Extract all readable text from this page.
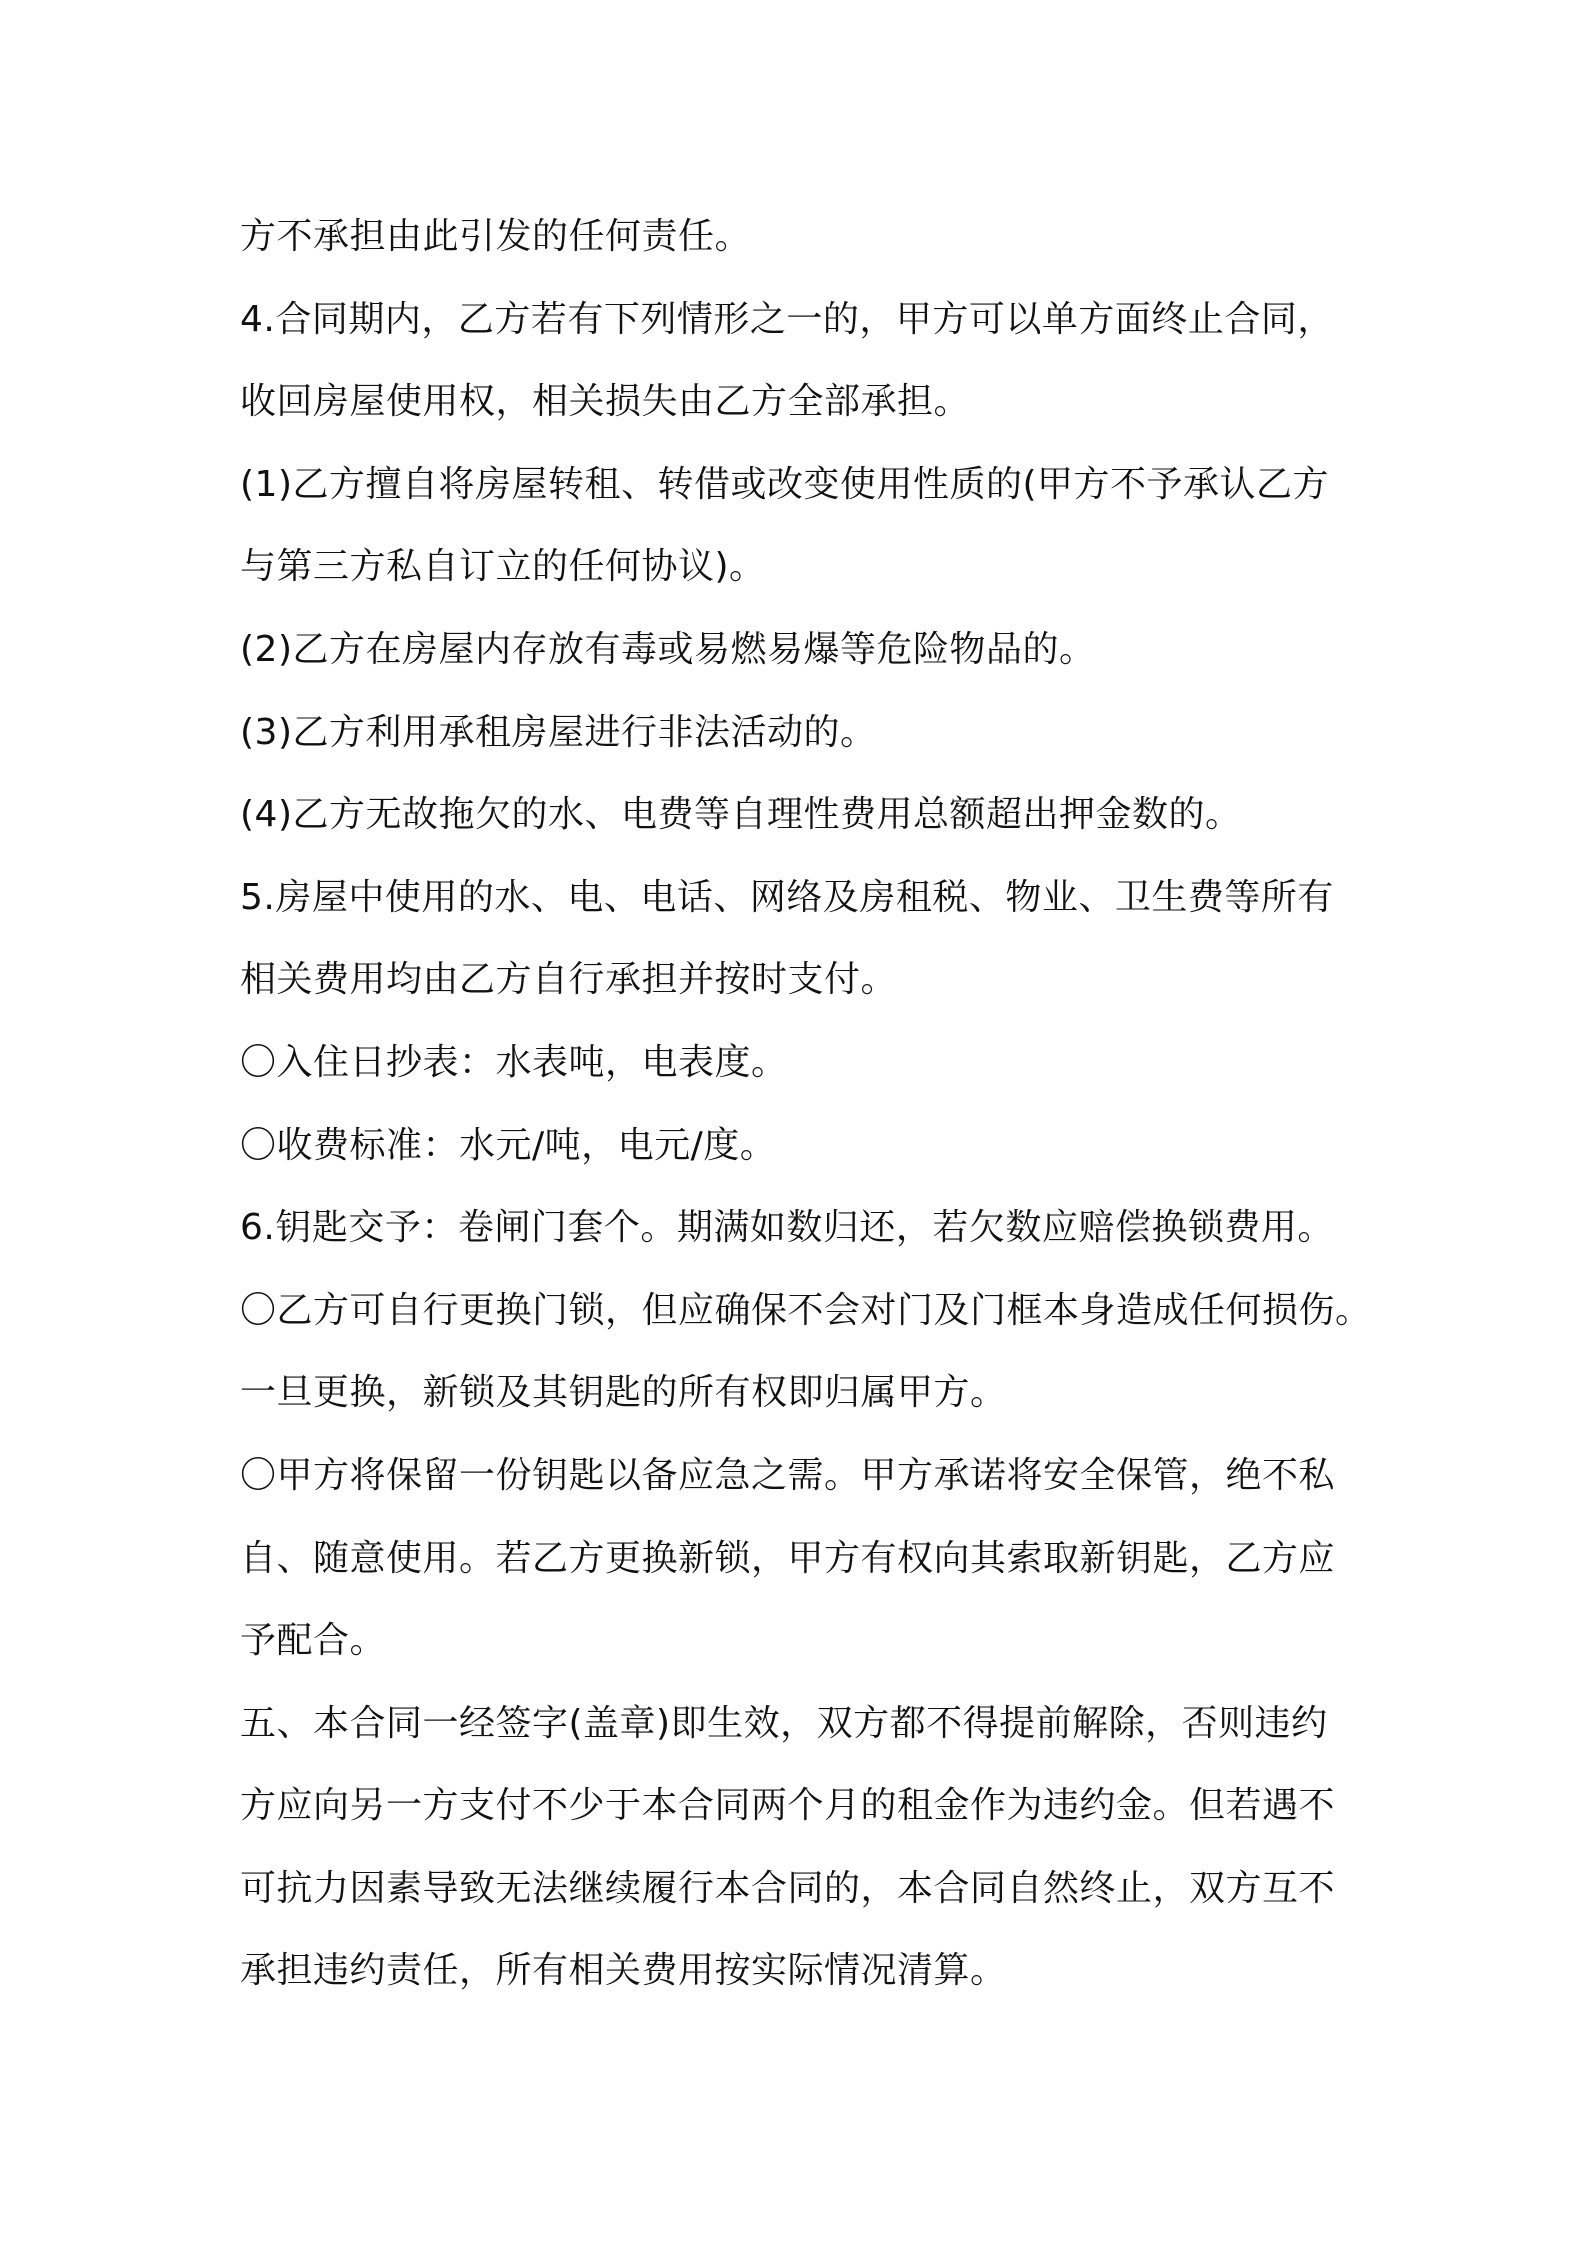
方不承担由此引发的任何责任。
4.合同期内，乙方若有下列情形之一的，甲方可以单方面终止合同，
收回房屋使用权，相关损失由乙方全部承担。
(1)乙方擅自将房屋转租、转借或改变使用性质的(甲方不予承认乙方
与第三方私自订立的任何协议)。
(2)乙方在房屋内存放有毒或易燃易爆等危险物品的。
(3)乙方利用承租房屋进行非法活动的。
(4)乙方无故拖欠的水、电费等自理性费用总额超出押金数的。
5.房屋中使用的水、电、电话、网络及房租税、物业、卫生费等所有
相关费用均由乙方自行承担并按时支付。
〇入住日抄表：水表吨，电表度。
〇收费标准：水元/吨，电元/度。
6.钥匙交予：卷闸门套个。期满如数归还，若欠数应赔偿换锁费用。
〇乙方可自行更换门锁，但应确保不会对门及门框本身造成任何损伤。
一旦更换，新锁及其钥匙的所有权即归属甲方。
〇甲方将保留一份钥匙以备应急之需。甲方承诺将安全保管，绝不私
自、随意使用。若乙方更换新锁，甲方有权向其索取新钥匙，乙方应
予配合。
五、本合同一经签字(盖章)即生效，双方都不得提前解除，否则违约
方应向另一方支付不少于本合同两个月的租金作为违约金。但若遇不
可抗力因素导致无法继续履行本合同的，本合同自然终止，双方互不
承担违约责任，所有相关费用按实际情况清算。
